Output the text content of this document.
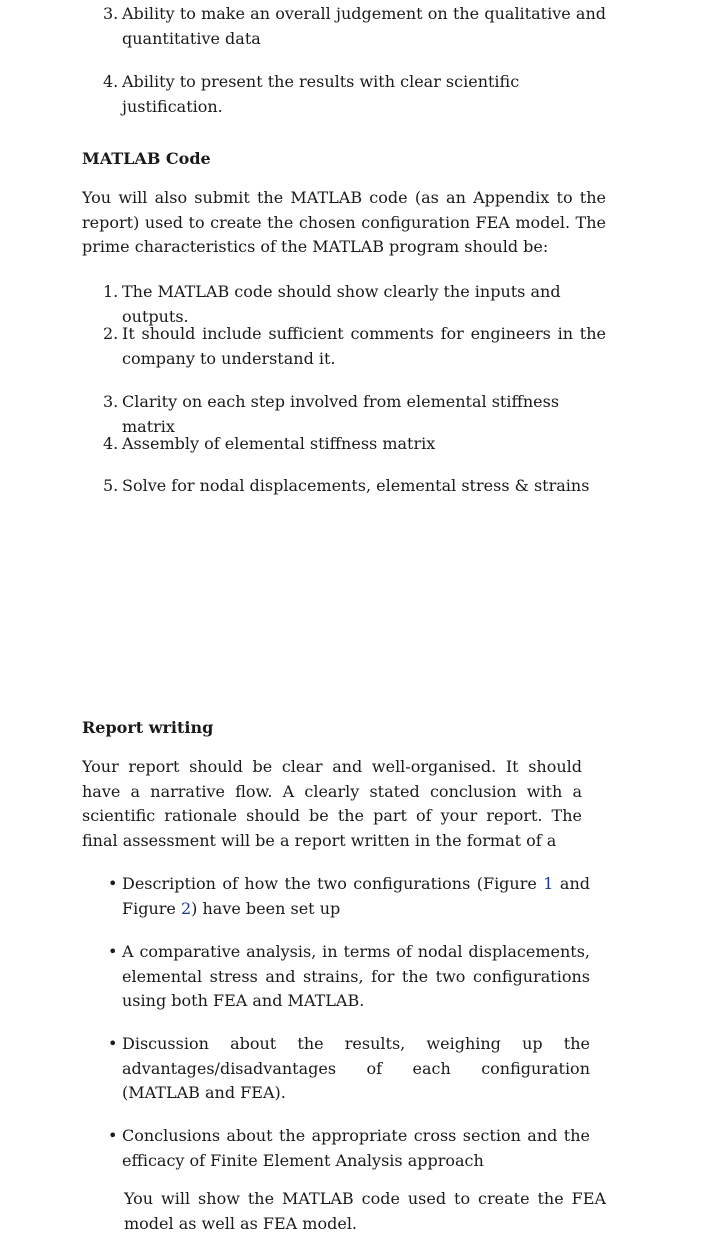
3. Ability to make an overall judgement on the qualitative and quantitative data

4. Ability to present the results with clear scientific justification.

MATLAB Code

You will also submit the MATLAB code (as an Appendix to the report) used to create the chosen configuration FEA model. The prime characteristics of the MATLAB program should be:

1. The MATLAB code should show clearly the inputs and outputs.

2. It should include sufficient comments for engineers in the company to understand it.

3. Clarity on each step involved from elemental stiffness matrix

4. Assembly of elemental stiffness matrix

5. Solve for nodal displacements, elemental stress & strains

Report writing

Your report should be clear and well-organised. It should have a narrative flow. A clearly stated conclusion with a scientific rationale should be the part of your report. The final assessment will be a report written in the format of a

• Description of how the two configurations (Figure 1 and Figure 2) have been set up

• A comparative analysis, in terms of nodal displacements, elemental stress and strains, for the two configurations using both FEA and MATLAB.

• Discussion about the results, weighing up the advantages/disadvantages of each configuration (MATLAB and FEA).

• Conclusions about the appropriate cross section and the efficacy of Finite Element Analysis approach

You will show the MATLAB code used to create the FEA model as well as FEA model.
